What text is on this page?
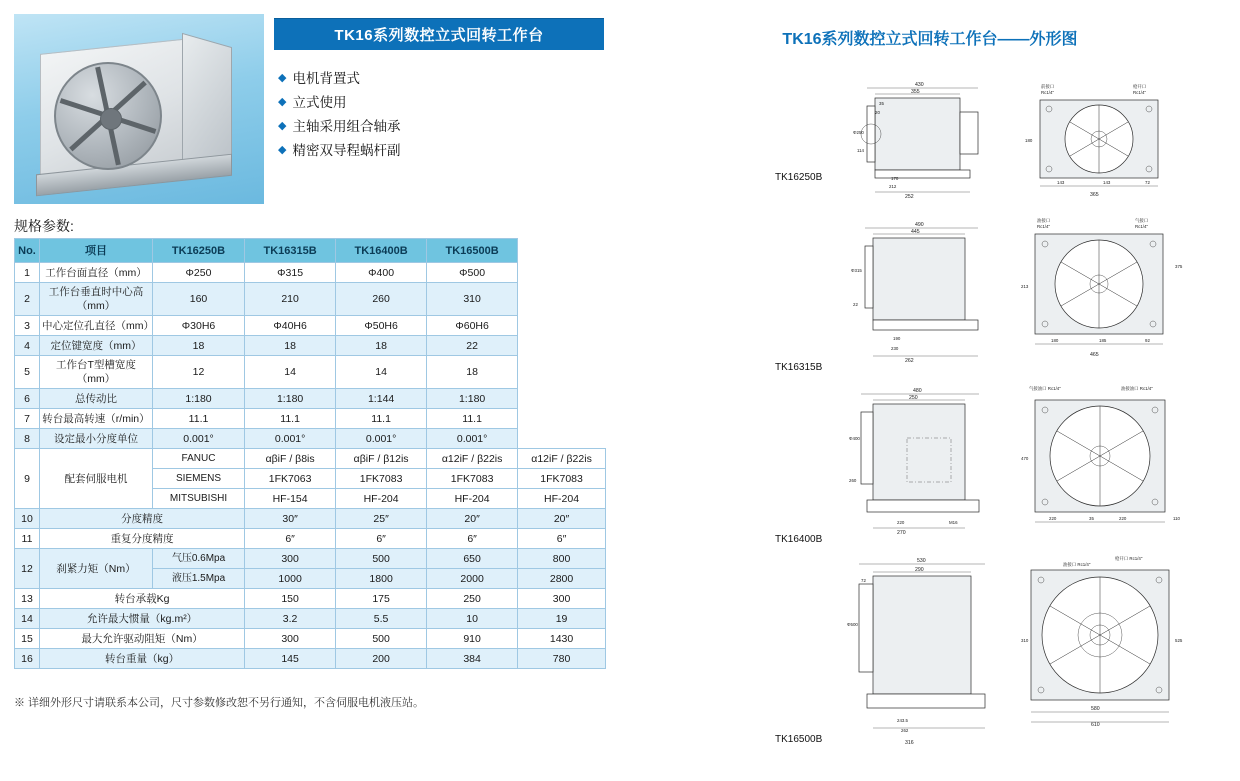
TK16系列数控立式回转工作台
◆ 电机背置式
◆ 立式使用
◆ 主轴采用组合轴承
◆ 精密双导程蜗杆副
规格参数:
No.	项目	TK16250B	TK16315B	TK16400B	TK16500B	
1	工作台面直径（mm）	Φ250	Φ315	Φ400	Φ500	
2	工作台垂直时中心高（mm）	160	210	260	310	
3	中心定位孔直径（mm）	Φ30H6	Φ40H6	Φ50H6	Φ60H6	
4	定位键宽度（mm）	18	18	18	22	
5	工作台T型槽宽度（mm）	12	14	14	18	
6	总传动比	1:180	1:180	1:144	1:180	
7	转台最高转速（r/min）	11.1	11.1	11.1	11.1	
8	设定最小分度单位	0.001°	0.001°	0.001°	0.001°	
9	配套伺服电机	FANUC	αβiF / β8is	αβiF / β12is	α12iF / β22is	α12iF / β22is
		SIEMENS	1FK7063	1FK7083	1FK7083	1FK7083
		MITSUBISHI	HF-154	HF-204	HF-204	HF-204
10	分度精度		30″	25″	20″	20″
11	重复分度精度		6″	6″	6″	6″
12	刹紧力矩（Nm）	气压0.6Mpa	300	500	650	800
		液压1.5Mpa	1000	1800	2000	2800
13	转台承载Kg		150	175	250	300
14	允许最大惯量（kg.m²）		3.2	5.5	10	19
15	最大允许驱动阻矩（Nm）		300	500	910	1430
16	转台重量（kg）		145	200	384	780
※ 详细外形尺寸请联系本公司，尺寸参数修改恕不另行通知，不含伺服电机液压站。
TK16系列数控立式回转工作台——外形图
TK16250B
430
355
35
20
Φ250
114
170
212
252
前接口
Rc1/4"
枪开口
Rc1/4"
143	143	72
365
180
TK16315B
490
445
Φ315
22
190
230
262
油接口
Rc1/4"
气接口
Rc1/4"
180	185	92
465
375
213
TK16400B
480
250
Φ400
260
220
270
M16
气接油口 Rc1/4"	油接油口 Rc1/4"
220	35	220	110
470
TK16500B
530
290
72
Φ500
243.5
262
316
枪开口 Rc1/4"
油接口 Rc1/4"
580
610
310	525
